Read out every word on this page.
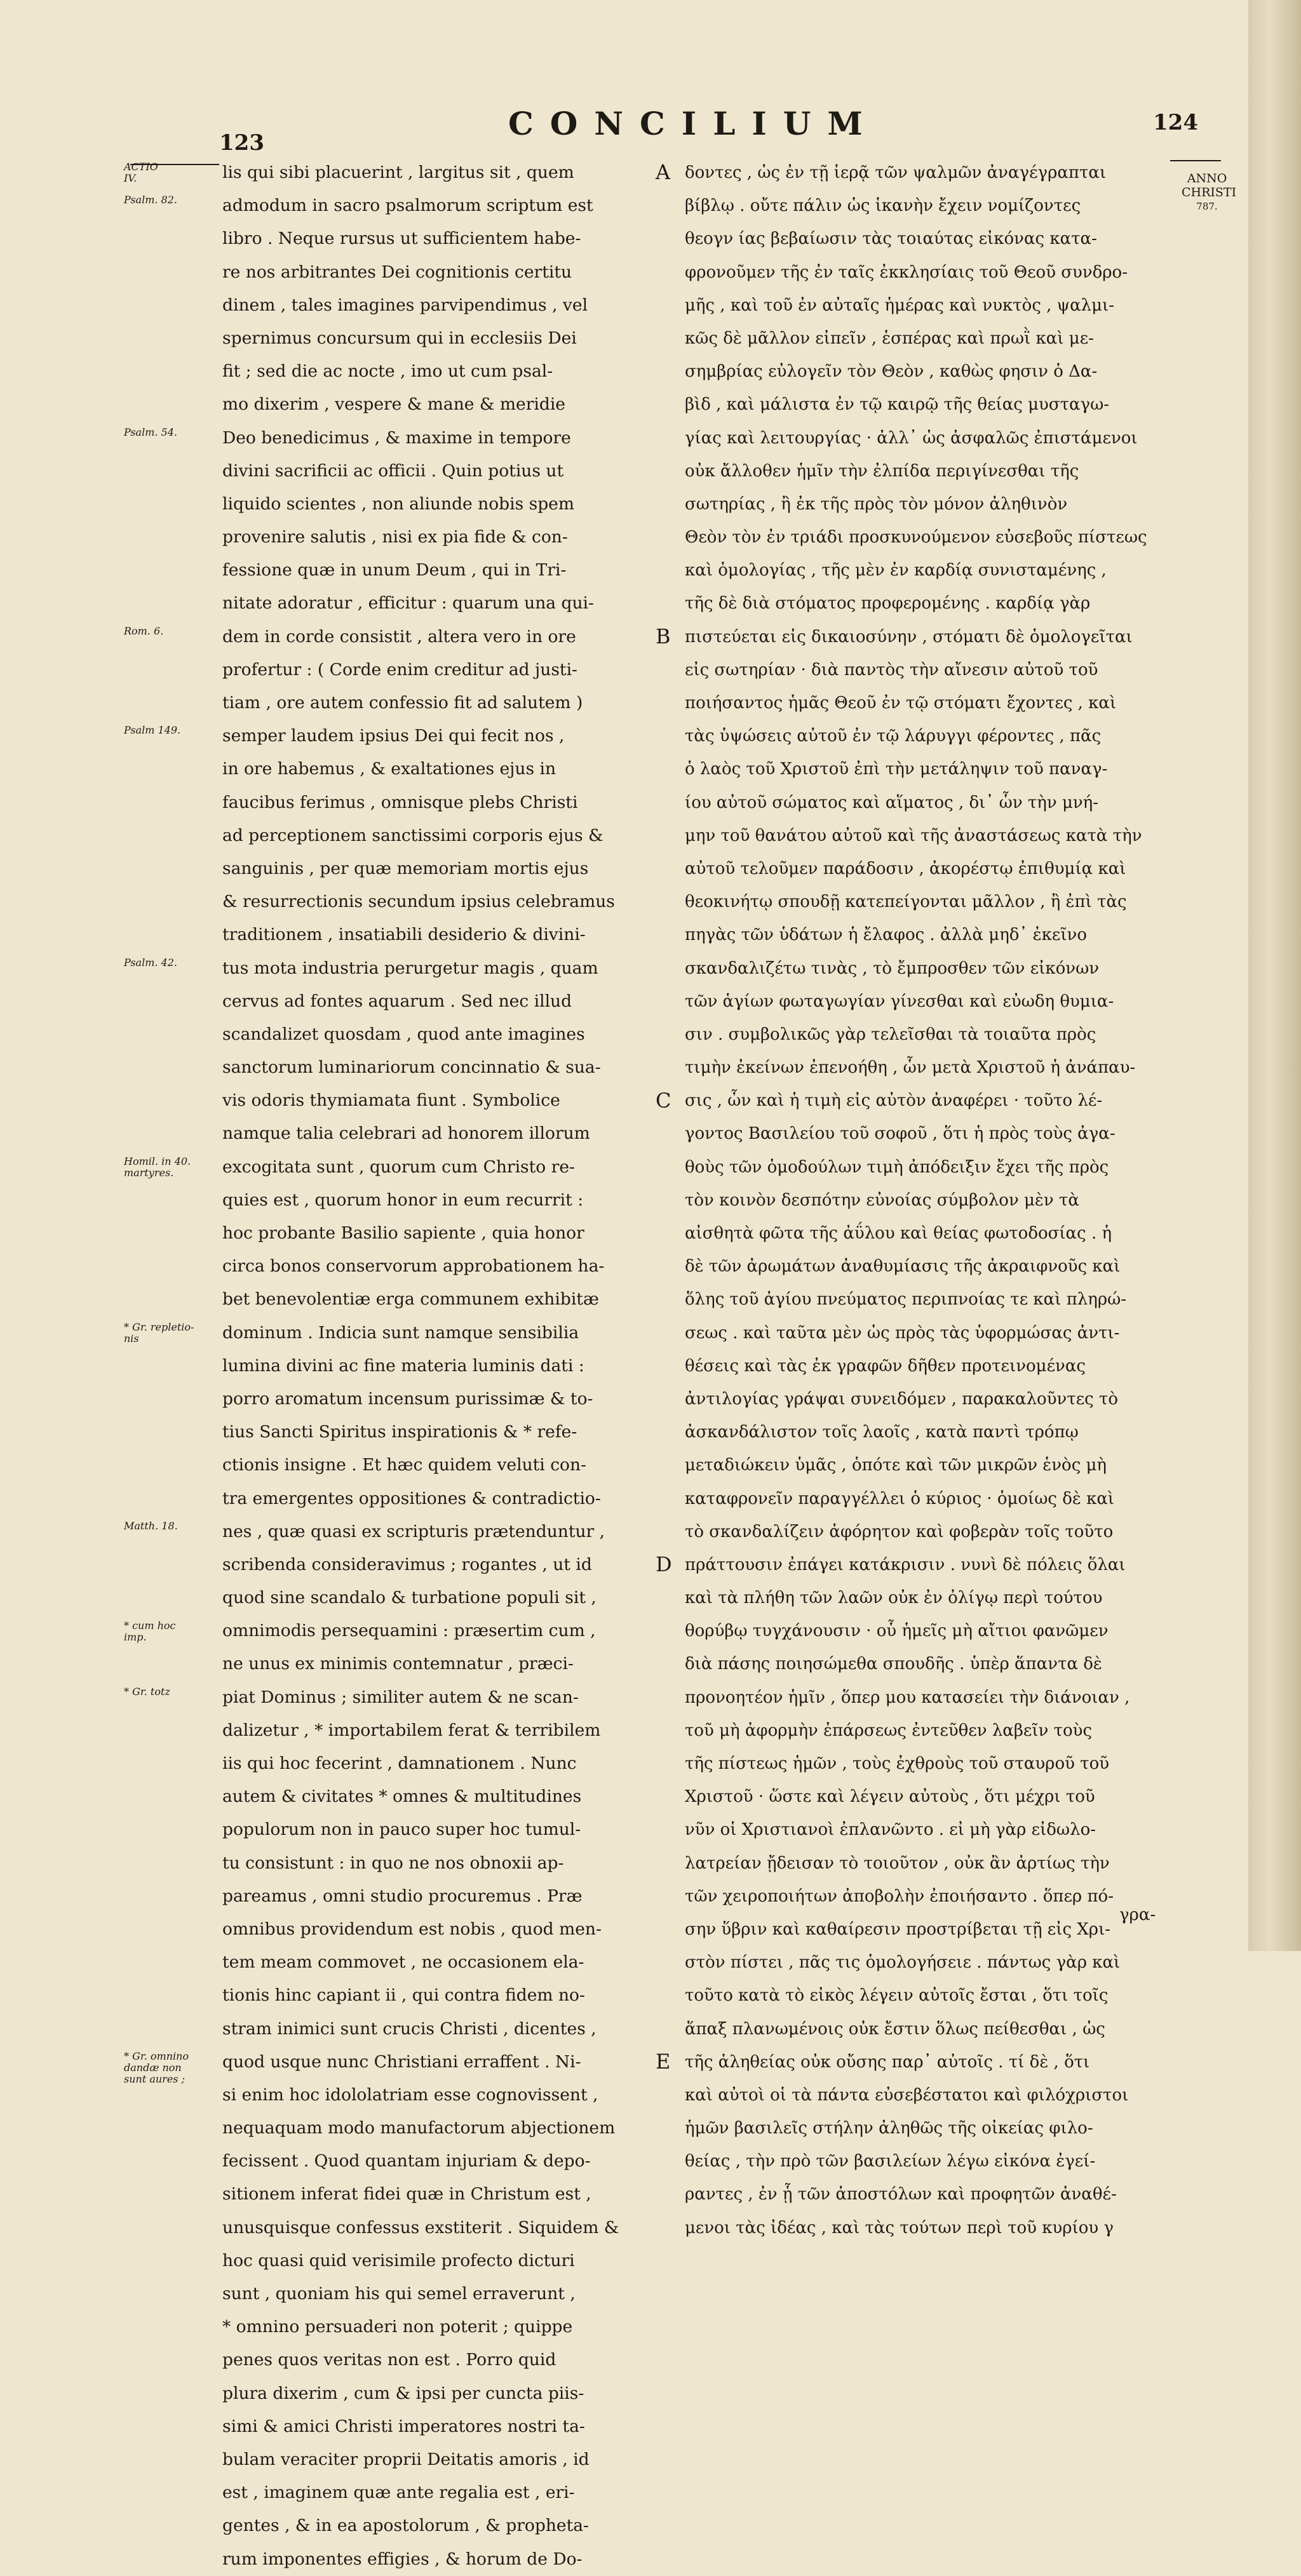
123
CONCILIUM	124
ACTIO
IV.
Psalm. 82.
Psalm. 54.
Rom. 6.
Psalm 149.
Psalm. 42.
Homil. in 40.
martyres.
* Gr. repletio-
nis
Matth. 18.
* cum hoc
imp.
* Gr. totz
* Gr. omnino
dandæ non
sunt aures ;
lis qui sibi placuerint , largitus sit , quem
admodum in sacro psalmorum scriptum est
libro . Neque rursus ut sufficientem habe-
re nos arbitrantes Dei cognitionis certitu
dinem , tales imagines parvipendimus , vel
spernimus concursum qui in ecclesiis Dei
fit ; sed die ac nocte , imo ut cum psal-
mo dixerim , vespere & mane & meridie
Deo benedicimus , & maxime in tempore
divini sacrificii ac officii . Quin potius ut
liquido scientes , non aliunde nobis spem
provenire salutis , nisi ex pia fide & con-
fessione quæ in unum Deum , qui in Tri-
nitate adoratur , efficitur : quarum una qui-
dem in corde consistit , altera vero in ore
profertur : ( Corde enim creditur ad justi-
tiam , ore autem confessio fit ad salutem )
semper laudem ipsius Dei qui fecit nos ,
in ore habemus , & exaltationes ejus in
faucibus ferimus , omnisque plebs Christi
ad perceptionem sanctissimi corporis ejus &
sanguinis , per quæ memoriam mortis ejus
& resurrectionis secundum ipsius celebramus
traditionem , insatiabili desiderio & divini-
tus mota industria perurgetur magis , quam
cervus ad fontes aquarum . Sed nec illud
scandalizet quosdam , quod ante imagines
sanctorum luminariorum concinnatio & sua-
vis odoris thymiamata fiunt . Symbolice
namque talia celebrari ad honorem illorum
excogitata sunt , quorum cum Christo re-
quies est , quorum honor in eum recurrit :
hoc probante Basilio sapiente , quia honor
circa bonos conservorum approbationem ha-
bet benevolentiæ erga communem exhibitæ
dominum . Indicia sunt namque sensibilia
lumina divini ac fine materia luminis dati :
porro aromatum incensum purissimæ & to-
tius Sancti Spiritus inspirationis & * refe-
ctionis insigne . Et hæc quidem veluti con-
tra emergentes oppositiones & contradictio-
nes , quæ quasi ex scripturis prætenduntur ,
scribenda consideravimus ; rogantes , ut id
quod sine scandalo & turbatione populi sit ,
omnimodis persequamini : præsertim cum ,
ne unus ex minimis contemnatur , præci-
piat Dominus ; similiter autem & ne scan-
dalizetur , * importabilem ferat & terribilem
iis qui hoc fecerint , damnationem . Nunc
autem & civitates * omnes & multitudines
populorum non in pauco super hoc tumul-
tu consistunt : in quo ne nos obnoxii ap-
pareamus , omni studio procuremus . Præ
omnibus providendum est nobis , quod men-
tem meam commovet , ne occasionem ela-
tionis hinc capiant ii , qui contra fidem no-
stram inimici sunt crucis Christi , dicentes ,
quod usque nunc Christiani erraffent . Ni-
si enim hoc idololatriam esse cognovissent ,
nequaquam modo manufactorum abjectionem
fecissent . Quod quantam injuriam & depo-
sitionem inferat fidei quæ in Christum est ,
unusquisque confessus exstiterit . Siquidem &
hoc quasi quid verisimile profecto dicturi
sunt , quoniam his qui semel erraverunt ,
* omnino persuaderi non poterit ; quippe
penes quos veritas non est . Porro quid
plura dixerim , cum & ipsi per cuncta piis-
simi & amici Christi imperatores nostri ta-
bulam veraciter proprii Deitatis amoris , id
est , imaginem quæ ante regalia est , eri-
gentes , & in ea apostolorum , & propheta-
rum imponentes effigies , & horum de Do-
A
B
C
D
E
δοντες , ὡς ἐν τῇ ἱερᾷ τῶν ψαλμῶν ἀναγέγραπται
βίβλῳ . οὔτε πάλιν ὡς ἱκανὴν ἔχειν νομίζοντες
θεογν ίας βεβαίωσιν τὰς τοιαύτας εἰκόνας κατα-
φρονοῦμεν τῆς ἐν ταῖς ἐκκλησίαις τοῦ Θεοῦ συνδρο-
μῆς , καὶ τοῦ ἐν αὐταῖς ἡμέρας καὶ νυκτὸς , ψαλμι-
κῶς δὲ μᾶλλον εἰπεῖν , ἑσπέρας καὶ πρωῒ καὶ με-
σημβρίας εὐλογεῖν τὸν Θεὸν , καθὼς φησιν ὁ Δα-
βὶδ , καὶ μάλιστα ἐν τῷ καιρῷ τῆς θείας μυσταγω-
γίας καὶ λειτουργίας · ἀλλ᾽ ὡς ἀσφαλῶς ἐπιστάμενοι
οὐκ ἄλλοθεν ἡμῖν τὴν ἐλπίδα περιγίνεσθαι τῆς
σωτηρίας , ἢ ἐκ τῆς πρὸς τὸν μόνον ἀληθινὸν
Θεὸν τὸν ἐν τριάδι προσκυνούμενον εὐσεβοῦς πίστεως
καὶ ὁμολογίας , τῆς μὲν ἐν καρδίᾳ συνισταμένης ,
τῆς δὲ διὰ στόματος προφερομένης . καρδίᾳ γὰρ
πιστεύεται εἰς δικαιοσύνην , στόματι δὲ ὁμολογεῖται
εἰς σωτηρίαν · διὰ παντὸς τὴν αἴνεσιν αὐτοῦ τοῦ
ποιήσαντος ἡμᾶς Θεοῦ ἐν τῷ στόματι ἔχοντες , καὶ
τὰς ὑψώσεις αὐτοῦ ἐν τῷ λάρυγγι φέροντες , πᾶς
ὁ λαὸς τοῦ Χριστοῦ ἐπὶ τὴν μετάληψιν τοῦ παναγ-
ίου αὐτοῦ σώματος καὶ αἵματος , δι᾽ ὧν τὴν μνή-
μην τοῦ θανάτου αὐτοῦ καὶ τῆς ἀναστάσεως κατὰ τὴν
αὐτοῦ τελοῦμεν παράδοσιν , ἀκορέστῳ ἐπιθυμίᾳ καὶ
θεοκινήτῳ σπουδῇ κατεπείγονται μᾶλλον , ἢ ἐπὶ τὰς
πηγὰς τῶν ὑδάτων ἡ ἔλαφος . ἀλλὰ μηδ᾽ ἐκεῖνο
σκανδαλιζέτω τινὰς , τὸ ἔμπροσθεν τῶν εἰκόνων
τῶν ἁγίων φωταγωγίαν γίνεσθαι καὶ εὐωδη θυμια-
σιν . συμβολικῶς γὰρ τελεῖσθαι τὰ τοιαῦτα πρὸς
τιμὴν ἐκείνων ἐπενοήθη , ὧν μετὰ Χριστοῦ ἡ ἀνάπαυ-
σις , ὧν καὶ ἡ τιμὴ εἰς αὐτὸν ἀναφέρει · τοῦτο λέ-
γοντος Βασιλείου τοῦ σοφοῦ , ὅτι ἡ πρὸς τοὺς ἀγα-
θοὺς τῶν ὁμοδούλων τιμὴ ἀπόδειξιν ἔχει τῆς πρὸς
τὸν κοινὸν δεσπότην εὐνοίας σύμβολον μὲν τὰ
αἰσθητὰ φῶτα τῆς ἀΰλου καὶ θείας φωτοδοσίας . ἡ
δὲ τῶν ἀρωμάτων ἀναθυμίασις τῆς ἀκραιφνοῦς καὶ
ὅλης τοῦ ἁγίου πνεύματος περιπνοίας τε καὶ πληρώ-
σεως . καὶ ταῦτα μὲν ὡς πρὸς τὰς ὑφορμώσας ἀντι-
θέσεις καὶ τὰς ἐκ γραφῶν δῆθεν προτεινομένας
ἀντιλογίας γράψαι συνειδόμεν , παρακαλοῦντες τὸ
ἀσκανδάλιστον τοῖς λαοῖς , κατὰ παντὶ τρόπῳ
μεταδιώκειν ὑμᾶς , ὁπότε καὶ τῶν μικρῶν ἑνὸς μὴ
καταφρονεῖν παραγγέλλει ὁ κύριος · ὁμοίως δὲ καὶ
τὸ σκανδαλίζειν ἀφόρητον καὶ φοβερὰν τοῖς τοῦτο
πράττουσιν ἐπάγει κατάκρισιν . νυνὶ δὲ πόλεις ὅλαι
καὶ τὰ πλήθη τῶν λαῶν οὐκ ἐν ὀλίγῳ περὶ τούτου
θορύβῳ τυγχάνουσιν · οὗ ἡμεῖς μὴ αἴτιοι φανῶμεν
διὰ πάσης ποιησώμεθα σπουδῆς . ὑπὲρ ἅπαντα δὲ
προνοητέον ἡμῖν , ὅπερ μου κατασείει τὴν διάνοιαν ,
τοῦ μὴ ἀφορμὴν ἐπάρσεως ἐντεῦθεν λαβεῖν τοὺς
τῆς πίστεως ἡμῶν , τοὺς ἐχθροὺς τοῦ σταυροῦ τοῦ
Χριστοῦ · ὥστε καὶ λέγειν αὐτοὺς , ὅτι μέχρι τοῦ
νῦν οἱ Χριστιανοὶ ἐπλανῶντο . εἰ μὴ γὰρ εἰδωλο-
λατρείαν ᾔδεισαν τὸ τοιοῦτον , οὐκ ἂν ἀρτίως τὴν
τῶν χειροποιήτων ἀποβολὴν ἐποιήσαντο . ὅπερ πό-
σην ὕβριν καὶ καθαίρεσιν προστρίβεται τῇ εἰς Χρι-
στὸν πίστει , πᾶς τις ὁμολογήσειε . πάντως γὰρ καὶ
τοῦτο κατὰ τὸ εἰκὸς λέγειν αὐτοῖς ἔσται , ὅτι τοῖς
ἅπαξ πλανωμένοις οὐκ ἔστιν ὅλως πείθεσθαι , ὡς
τῆς ἀληθείας οὐκ οὔσης παρ᾽ αὐτοῖς . τί δὲ , ὅτι
καὶ αὐτοὶ οἱ τὰ πάντα εὐσεβέστατοι καὶ φιλόχριστοι
ἡμῶν βασιλεῖς στήλην ἀληθῶς τῆς οἰκείας φιλο-
θείας , τὴν πρὸ τῶν βασιλείων λέγω εἰκόνα ἐγεί-
ραντες , ἐν ᾗ τῶν ἀποστόλων καὶ προφητῶν ἀναθέ-
μενοι τὰς ἰδέας , καὶ τὰς τούτων περὶ τοῦ κυρίου γ
ANNO
CHRISTI
787.
γρα-
